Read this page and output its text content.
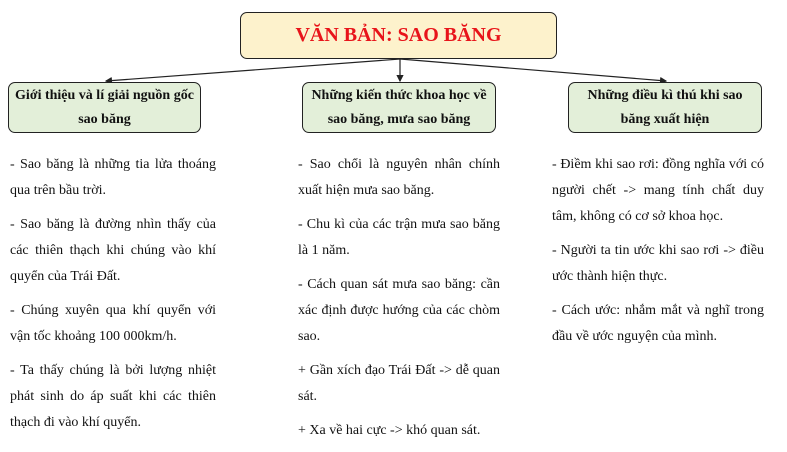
VĂN BẢN: SAO BĂNG
Giới thiệu và lí giải nguồn gốc sao băng
Những kiến thức khoa học về sao băng, mưa sao băng
Những điều kì thú khi sao băng xuất hiện

- Sao băng là những tia lửa thoáng qua trên bầu trời.

- Sao băng là đường nhìn thấy của các thiên thạch khi chúng vào khí quyển của Trái Đất.

- Chúng xuyên qua khí quyển với vận tốc khoảng 100 000km/h.

- Ta thấy chúng là bởi lượng nhiệt phát sinh do áp suất khi các thiên thạch đi vào khí quyển.

- Sao chổi là nguyên nhân chính xuất hiện mưa sao băng.

- Chu kì của các trận mưa sao băng là 1 năm.

- Cách quan sát mưa sao băng: cần xác định được hướng của các chòm sao.

+ Gần xích đạo Trái Đất -> dễ quan sát.

+ Xa về hai cực -> khó quan sát.

- Điềm khi sao rơi: đồng nghĩa với có người chết -> mang tính chất duy tâm, không có cơ sở khoa học.

- Người ta tin ước khi sao rơi -> điều ước thành hiện thực.

- Cách ước: nhắm mắt và nghĩ trong đầu về ước nguyện của mình.
